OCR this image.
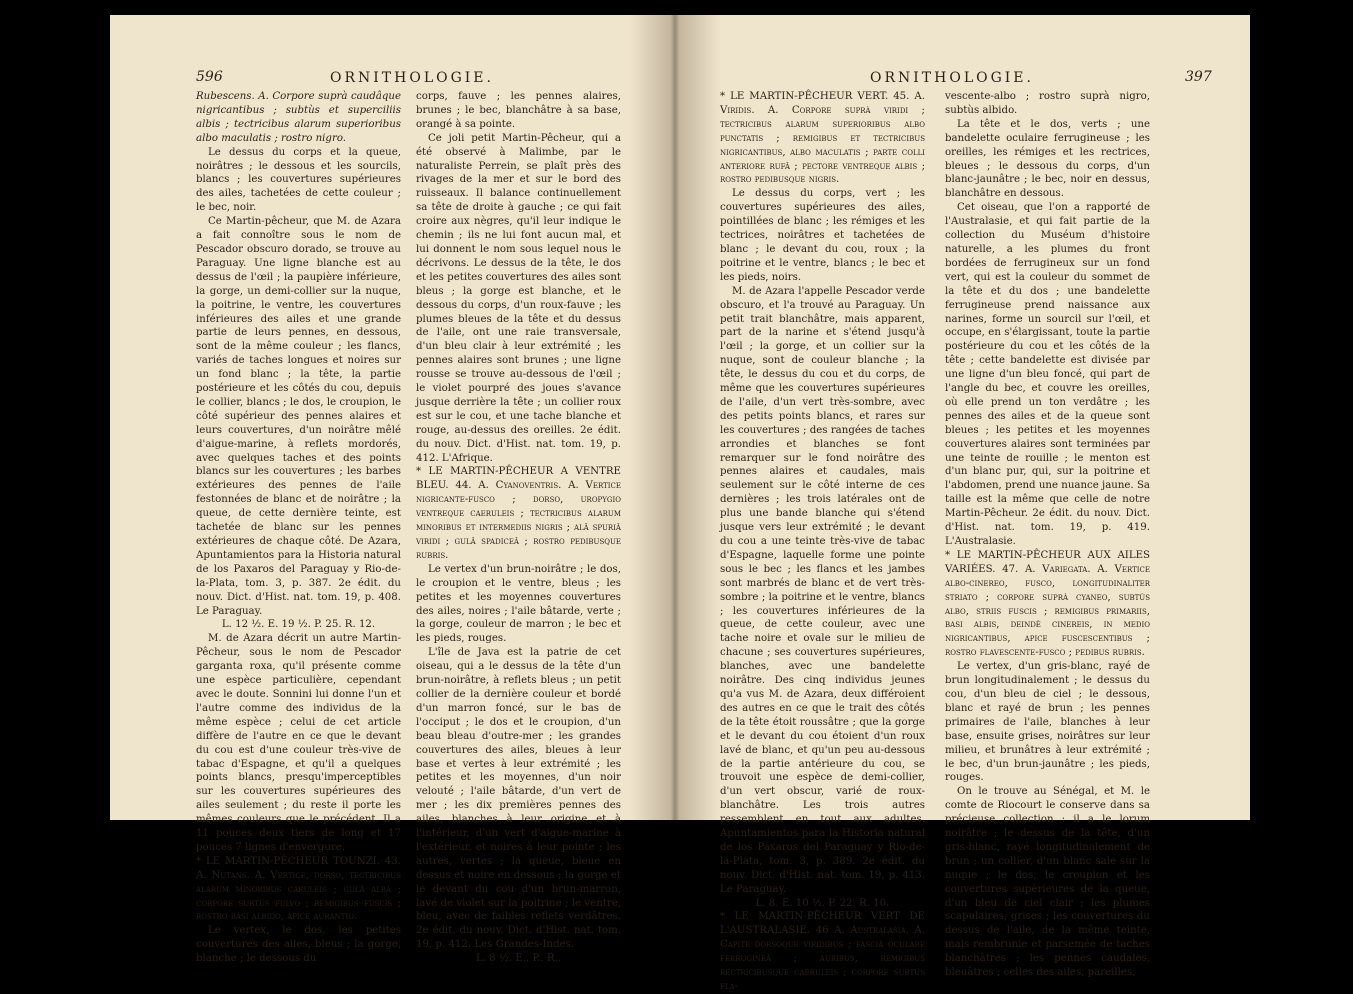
596	ORNITHOLOGIE.

Rubescens. A. Corpore suprà caudâque nigricantibus ; subtùs et superciliis albis ; tectricibus alarum superioribus albo maculatis ; rostro nigro.

Le dessus du corps et la queue, noirâtres ; le dessous et les sourcils, blancs ; les couvertures supérieures des ailes, tachetées de cette couleur ; le bec, noir.

Ce Martin-pêcheur, que M. de Azara a fait connoître sous le nom de Pescador obscuro dorado, se trouve au Paraguay. Une ligne blanche est au dessus de l'œil ; la paupière inférieure, la gorge, un demi-collier sur la nuque, la poitrine, le ventre, les couvertures inférieures des ailes et une grande partie de leurs pennes, en dessous, sont de la même couleur ; les flancs, variés de taches longues et noires sur un fond blanc ; la tête, la partie postérieure et les côtés du cou, depuis le collier, blancs ; le dos, le croupion, le côté supérieur des pennes alaires et leurs couvertures, d'un noirâtre mêlé d'aigue-marine, à reflets mordorés, avec quelques taches et des points blancs sur les couvertures ; les barbes extérieures des pennes de l'aile festonnées de blanc et de noirâtre ; la queue, de cette dernière teinte, est tachetée de blanc sur les pennes extérieures de chaque côté. De Azara, Apuntamientos para la Historia natural de los Paxaros del Paraguay y Rio-de-la-Plata, tom. 3, p. 387. 2e édit. du nouv. Dict. d'Hist. nat. tom. 19, p. 408. Le Paraguay.

L. 12 ½. E. 19 ½. P. 25. R. 12.

M. de Azara décrit un autre Martin-Pêcheur, sous le nom de Pescador garganta roxa, qu'il présente comme une espèce particulière, cependant avec le doute. Sonnini lui donne l'un et l'autre comme des individus de la même espèce ; celui de cet article diffère de l'autre en ce que le devant du cou est d'une couleur très-vive de tabac d'Espagne, et qu'il a quelques points blancs, presqu'imperceptibles sur les couvertures supérieures des ailes seulement ; du reste il porte les mêmes couleurs que le précédent. Il a 11 pouces deux tiers de long et 17 pouces 7 lignes d'envergure.

* LE MARTIN-PÊCHEUR TOUNZI. 43. A. Nutans. A. Vertice, dorso, tectricibus alarum minoribus caruleis ; gulâ albâ ; corpore subtùs fulvo ; remigibus fuscis ; rostro basi albido, apice aurantio.

Le vertex, le dos, les petites couvertures des ailes, bleus ; la gorge, blanche ; le dessous du

corps, fauve ; les pennes alaires, brunes ; le bec, blanchâtre à sa base, orangé à sa pointe.

Ce joli petit Martin-Pêcheur, qui a été observé à Malimbe, par le naturaliste Perrein, se plaît près des rivages de la mer et sur le bord des ruisseaux. Il balance continuellement sa tête de droite à gauche ; ce qui fait croire aux nègres, qu'il leur indique le chemin ; ils ne lui font aucun mal, et lui donnent le nom sous lequel nous le décrivons. Le dessus de la tête, le dos et les petites couvertures des ailes sont bleus ; la gorge est blanche, et le dessous du corps, d'un roux-fauve ; les plumes bleues de la tête et du dessus de l'aile, ont une raie transversale, d'un bleu clair à leur extrémité ; les pennes alaires sont brunes ; une ligne rousse se trouve au-dessous de l'œil ; le violet pourpré des joues s'avance jusque derrière la tête ; un collier roux est sur le cou, et une tache blanche et rouge, au-dessus des oreilles. 2e édit. du nouv. Dict. d'Hist. nat. tom. 19, p. 412. L'Afrique.

* LE MARTIN-PÊCHEUR A VENTRE BLEU. 44. A. Cyanoventris. A. Vertice nigricante-fusco ; dorso, uropygio ventreque caeruleis ; tectricibus alarum minoribus et intermediis nigris ; alâ spuriâ viridi ; gulâ spadiceâ ; rostro pedibusque rubris.

Le vertex d'un brun-noirâtre ; le dos, le croupion et le ventre, bleus ; les petites et les moyennes couvertures des ailes, noires ; l'aile bâtarde, verte ; la gorge, couleur de marron ; le bec et les pieds, rouges.

L'île de Java est la patrie de cet oiseau, qui a le dessus de la tête d'un brun-noirâtre, à reflets bleus ; un petit collier de la dernière couleur et bordé d'un marron foncé, sur le bas de l'occiput ; le dos et le croupion, d'un beau bleau d'outre-mer ; les grandes couvertures des ailes, bleues à leur base et vertes à leur extrémité ; les petites et les moyennes, d'un noir velouté ; l'aile bâtarde, d'un vert de mer ; les dix premières pennes des ailes, blanches à leur origine et à l'intérieur, d'un vert d'aigue-marine à l'extérieur, et noires à leur pointe ; les autres, vertes ; la queue, bleue en dessus et noire en dessous ; la gorge et le devant du cou d'un brun-marron, lavé de violet sur la poitrine ; le ventre, bleu, avec de faibles reflets verdâtres. 2e édit. du nouv. Dict. d'Hist. nat. tom. 19, p. 412. Les Grandes-Indes.

L. 8 ½. E.. P.. R..

ORNITHOLOGIE.	397

* LE MARTIN-PÊCHEUR VERT. 45. A. Viridis. A. Corpore suprà viridi ; tectricibus alarum superioribus albo punctatis ; remigibus et tectricibus nigricantibus, albo maculatis ; parte colli anteriore rufâ ; pectore ventreque albis ; rostro pedibusque nigris.

Le dessus du corps, vert ; les couvertures supérieures des ailes, pointillées de blanc ; les rémiges et les tectrices, noirâtres et tachetées de blanc ; le devant du cou, roux ; la poitrine et le ventre, blancs ; le bec et les pieds, noirs.

M. de Azara l'appelle Pescador verde obscuro, et l'a trouvé au Paraguay. Un petit trait blanchâtre, mais apparent, part de la narine et s'étend jusqu'à l'œil ; la gorge, et un collier sur la nuque, sont de couleur blanche ; la tête, le dessus du cou et du corps, de même que les couvertures supérieures de l'aile, d'un vert très-sombre, avec des petits points blancs, et rares sur les couvertures ; des rangées de taches arrondies et blanches se font remarquer sur le fond noirâtre des pennes alaires et caudales, mais seulement sur le côté interne de ces dernières ; les trois latérales ont de plus une bande blanche qui s'étend jusque vers leur extrémité ; le devant du cou a une teinte très-vive de tabac d'Espagne, laquelle forme une pointe sous le bec ; les flancs et les jambes sont marbrés de blanc et de vert très-sombre ; la poitrine et le ventre, blancs ; les couvertures inférieures de la queue, de cette couleur, avec une tache noire et ovale sur le milieu de chacune ; ses couvertures supérieures, blanches, avec une bandelette noirâtre. Des cinq individus jeunes qu'a vus M. de Azara, deux différoient des autres en ce que le trait des côtés de la tête étoit roussâtre ; que la gorge et le devant du cou étoient d'un roux lavé de blanc, et qu'un peu au-dessous de la partie antérieure du cou, se trouvoit une espèce de demi-collier, d'un vert obscur, varié de roux-blanchâtre. Les trois autres ressemblent en tout aux adultes. Apuntamientos para la Historia natural de los Paxaros del Paraguay y Rio-de-la-Plata, tom. 3, p. 389. 2e édit. du nouv. Dict. d'Hist. nat. tom. 19, p. 413. Le Paraguay.

L. 8. E. 10 ½. P. 22. R. 10.

* LE MARTIN-PÊCHEUR VERT DE L'AUSTRALASIE. 46 A. Australasia. A. Capite dorsoque viridibus ; fasciâ oculare ferrugineâ ; auribus, remigibus rectricibusque caeruleis ; corpore subtùs fla-

vescente-albo ; rostro suprà nigro, subtùs albido.

La tête et le dos, verts ; une bandelette oculaire ferrugineuse ; les oreilles, les rémiges et les rectrices, bleues ; le dessous du corps, d'un blanc-jaunâtre ; le bec, noir en dessus, blanchâtre en dessous.

Cet oiseau, que l'on a rapporté de l'Australasie, et qui fait partie de la collection du Muséum d'histoire naturelle, a les plumes du front bordées de ferrugineux sur un fond vert, qui est la couleur du sommet de la tête et du dos ; une bandelette ferrugineuse prend naissance aux narines, forme un sourcil sur l'œil, et occupe, en s'élargissant, toute la partie postérieure du cou et les côtés de la tête ; cette bandelette est divisée par une ligne d'un bleu foncé, qui part de l'angle du bec, et couvre les oreilles, où elle prend un ton verdâtre ; les pennes des ailes et de la queue sont bleues ; les petites et les moyennes couvertures alaires sont terminées par une teinte de rouille ; le menton est d'un blanc pur, qui, sur la poitrine et l'abdomen, prend une nuance jaune. Sa taille est la même que celle de notre Martin-Pêcheur. 2e édit. du nouv. Dict. d'Hist. nat. tom. 19, p. 419. L'Australasie.

* LE MARTIN-PÊCHEUR AUX AILES VARIÉES. 47. A. Variegata. A. Vertice albo-cinereo, fusco, longitudinaliter striato ; corpore suprà cyaneo, subtùs albo, striis fuscis ; remigibus primariis, basi albis, deindè cinereis, in medio nigricantibus, apice fuscescentibus ; rostro flavescente-fusco ; pedibus rubris.

Le vertex, d'un gris-blanc, rayé de brun longitudinalement ; le dessus du cou, d'un bleu de ciel ; le dessous, blanc et rayé de brun ; les pennes primaires de l'aile, blanches à leur base, ensuite grises, noirâtres sur leur milieu, et brunâtres à leur extrémité ; le bec, d'un brun-jaunâtre ; les pieds, rouges.

On le trouve au Sénégal, et M. le comte de Riocourt le conserve dans sa précieuse collection : il a le lorum noirâtre ; le dessus de la tête, d'un gris-blanc, rayé longitudinalement de brun ; un collier, d'un blanc sale sur la nuque ; le dos, le croupion et les couvertures supérieures de la queue, d'un bleu de ciel clair ; les plumes scapulaires, grises ; les couvertures du dessus de l'aile, de la même teinte, mais rembrunie et parsemée de taches blanchâtres ; les pennes caudales, bleuâtres ; celles des ailes, pareilles,
